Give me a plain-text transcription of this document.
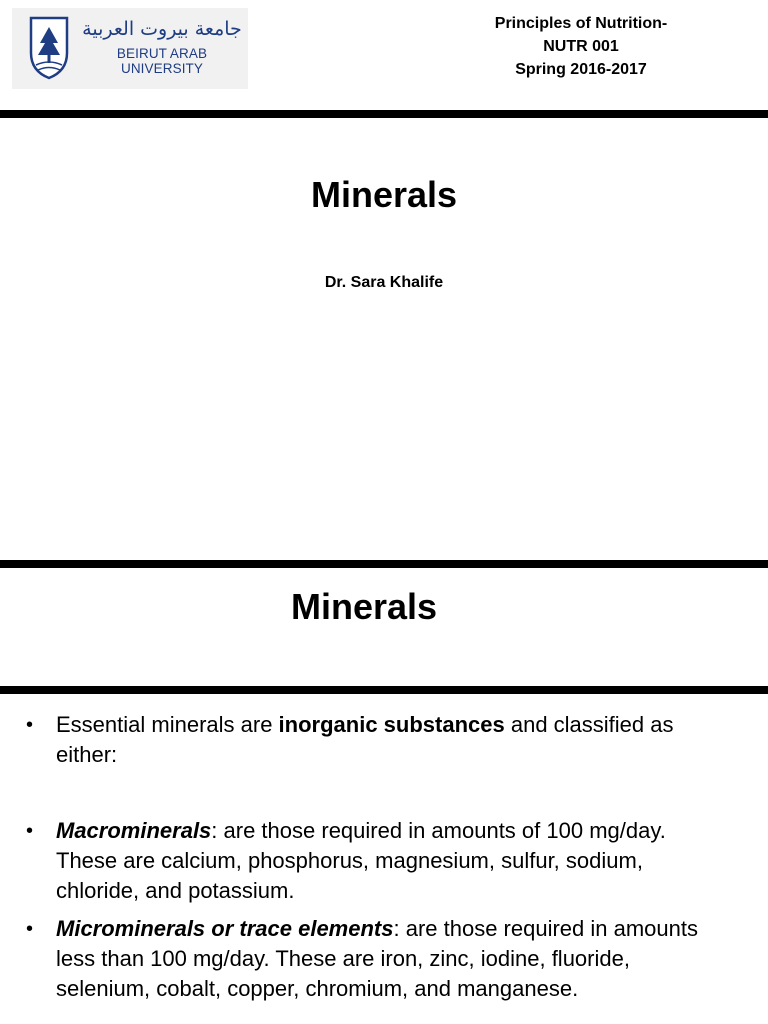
جامعة بيروت العربية
BEIRUT ARAB UNIVERSITY
Principles of Nutrition-
NUTR 001
Spring 2016-2017
Minerals
Dr. Sara Khalife
Minerals
• Essential minerals are inorganic substances and classified as either:
• Macrominerals: are those required in amounts of 100 mg/day. These are calcium, phosphorus, magnesium, sulfur, sodium, chloride, and potassium.
• Microminerals or trace elements: are those required in amounts less than 100 mg/day. These are iron, zinc, iodine, fluoride, selenium, cobalt, copper, chromium, and manganese.
